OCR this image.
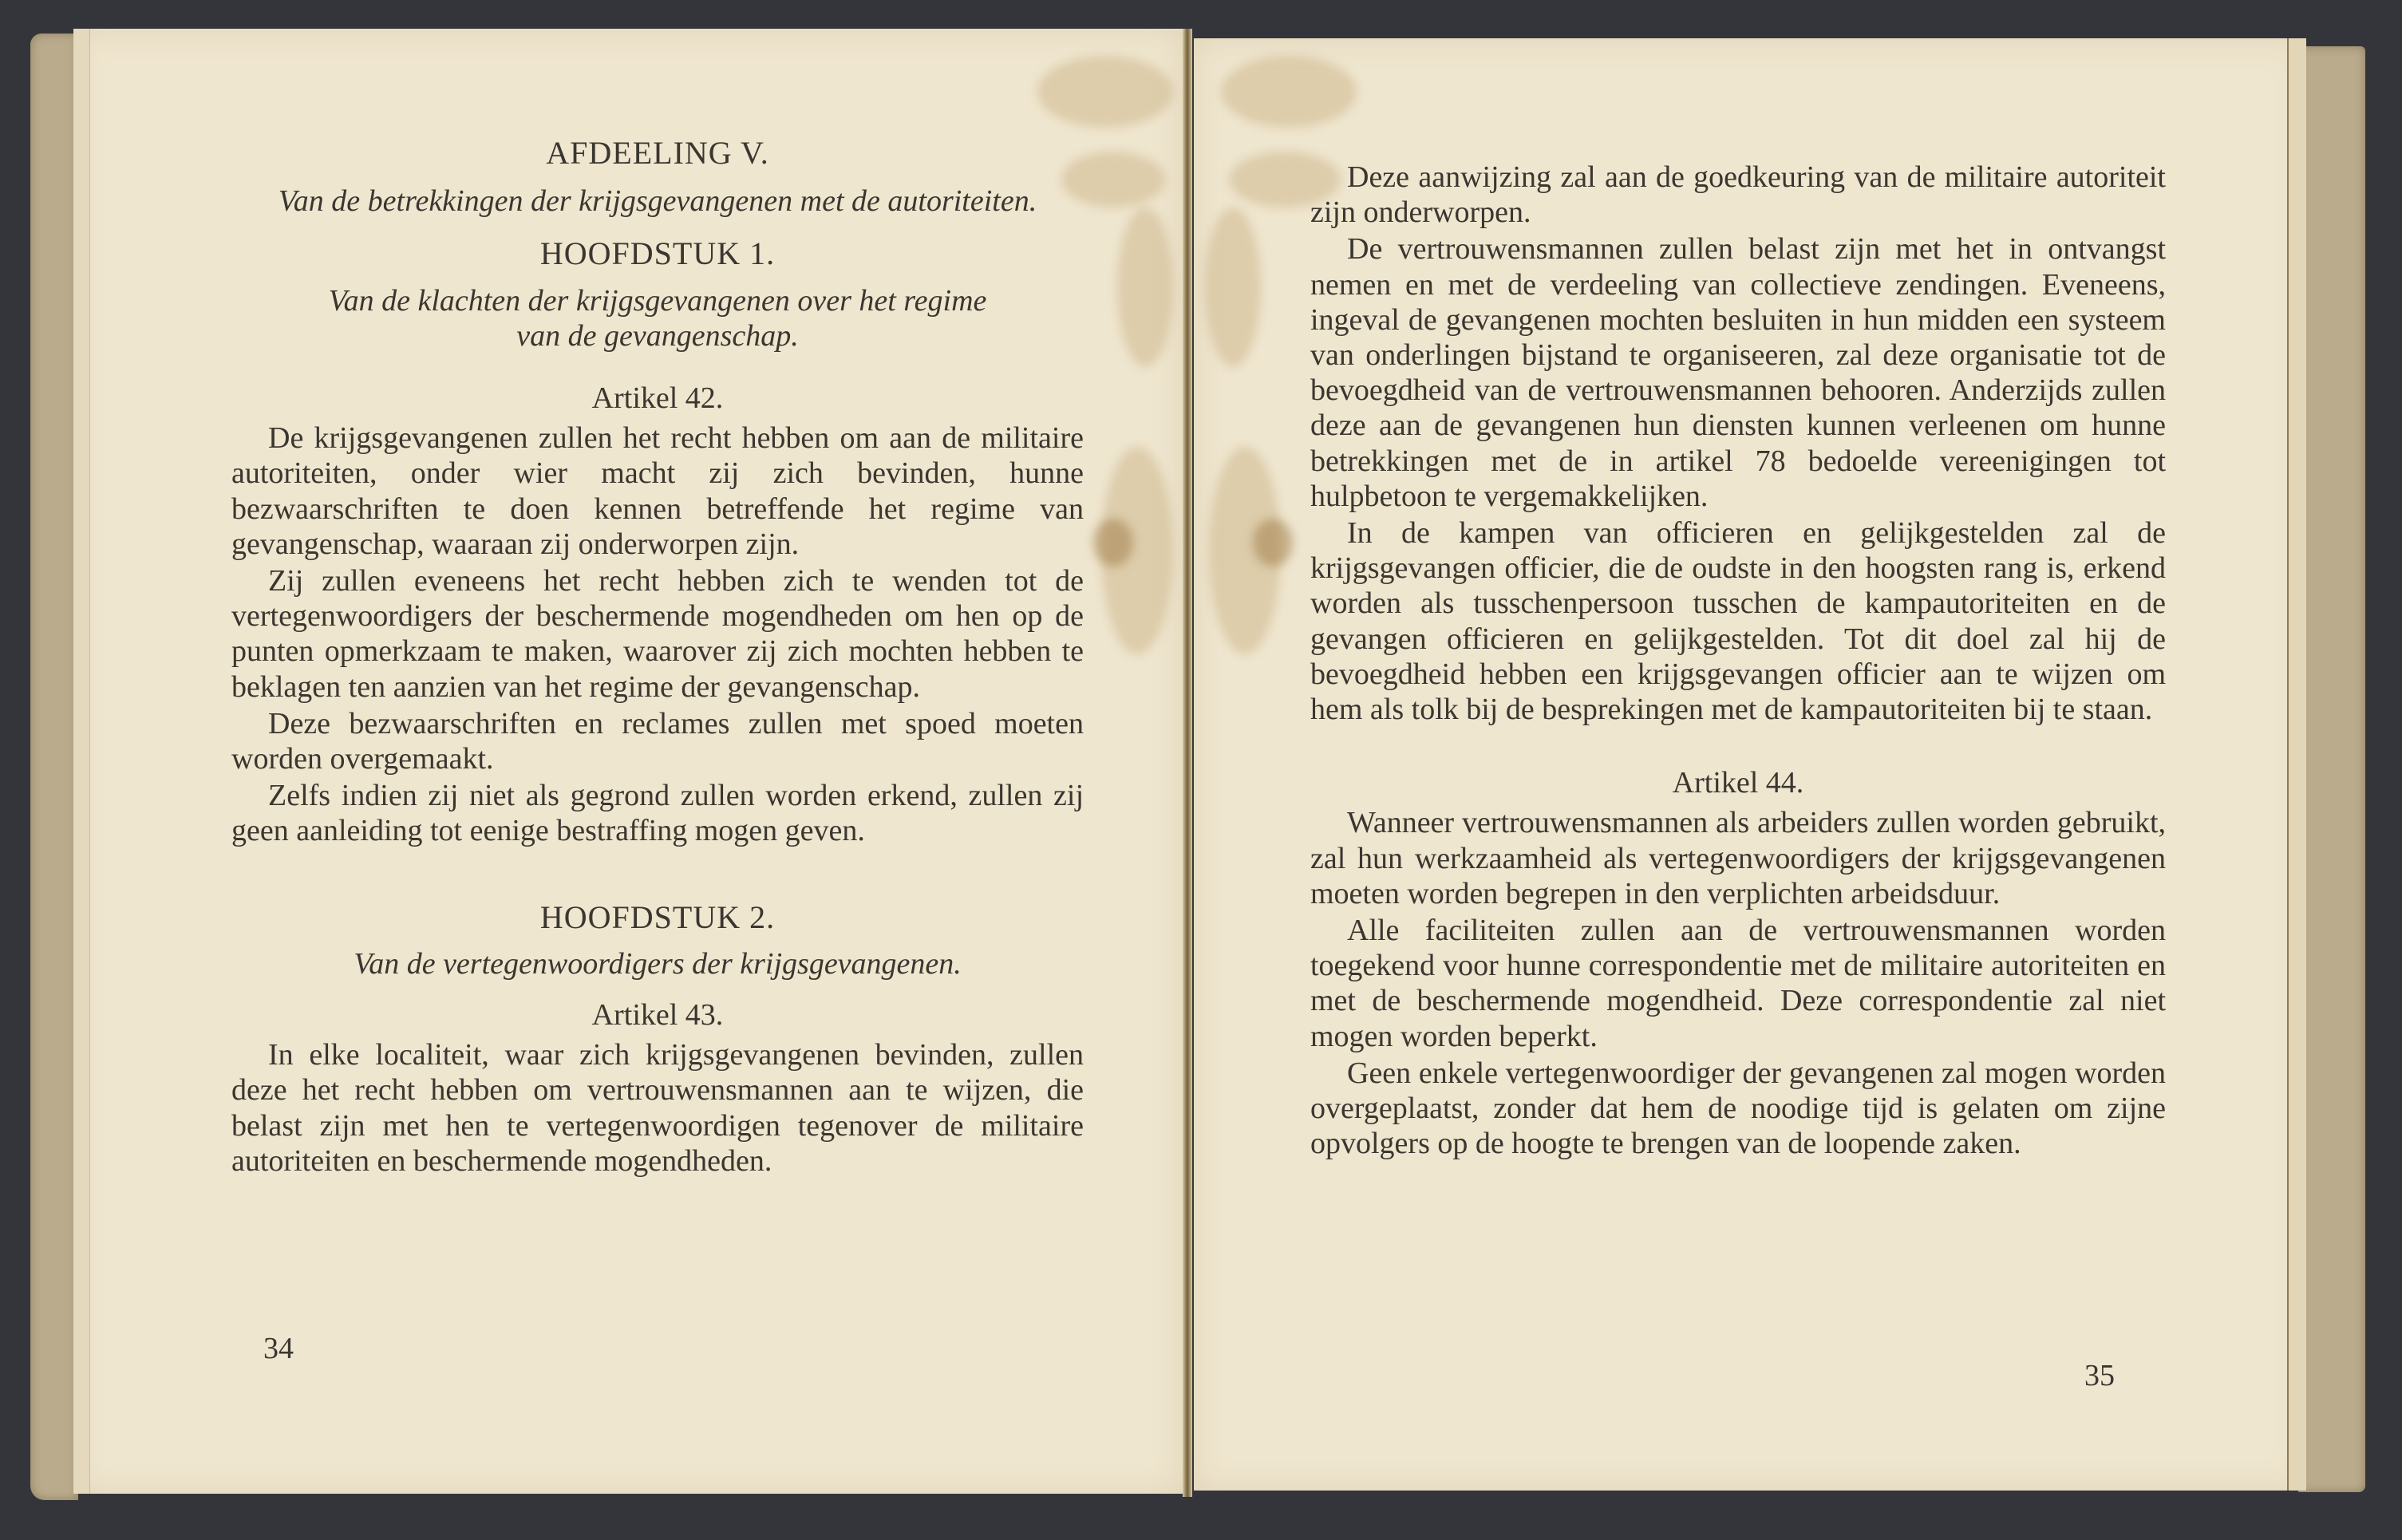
AFDEELING V.
Van de betrekkingen der krijgsgevangenen met de autoriteiten.
HOOFDSTUK 1.
Van de klachten der krijgsgevangenen over het regime
van de gevangenschap.
Artikel 42.

De krijgsgevangenen zullen het recht hebben om aan de militaire autoriteiten, onder wier macht zij zich bevinden, hunne bezwaarschriften te doen kennen betreffende het regime van gevangenschap, waaraan zij onderworpen zijn.

Zij zullen eveneens het recht hebben zich te wenden tot de vertegenwoordigers der beschermende mogendheden om hen op de punten opmerkzaam te maken, waarover zij zich mochten hebben te beklagen ten aanzien van het regime der gevangenschap.

Deze bezwaarschriften en reclames zullen met spoed moeten worden overgemaakt.

Zelfs indien zij niet als gegrond zullen worden erkend, zullen zij geen aanleiding tot eenige bestraffing mogen geven.

HOOFDSTUK 2.
Van de vertegenwoordigers der krijgsgevangenen.
Artikel 43.

In elke localiteit, waar zich krijgsgevangenen bevinden, zullen deze het recht hebben om vertrouwensmannen aan te wijzen, die belast zijn met hen te vertegenwoordigen tegenover de militaire autoriteiten en beschermende mogendheden.

34

Deze aanwijzing zal aan de goedkeuring van de militaire autoriteit zijn onderworpen.

De vertrouwensmannen zullen belast zijn met het in ontvangst nemen en met de verdeeling van collectieve zendingen. Eveneens, ingeval de gevangenen mochten besluiten in hun midden een systeem van onderlingen bijstand te organiseeren, zal deze organisatie tot de bevoegdheid van de vertrouwensmannen behooren. Anderzijds zullen deze aan de gevangenen hun diensten kunnen verleenen om hunne betrekkingen met de in artikel 78 bedoelde vereenigingen tot hulpbetoon te vergemakkelijken.

In de kampen van officieren en gelijkgestelden zal de krijgsgevangen officier, die de oudste in den hoogsten rang is, erkend worden als tusschenpersoon tusschen de kampautoriteiten en de gevangen officieren en gelijkgestelden. Tot dit doel zal hij de bevoegdheid hebben een krijgsgevangen officier aan te wijzen om hem als tolk bij de besprekingen met de kampautoriteiten bij te staan.

Artikel 44.

Wanneer vertrouwensmannen als arbeiders zullen worden gebruikt, zal hun werkzaamheid als vertegenwoordigers der krijgsgevangenen moeten worden begrepen in den verplichten arbeidsduur.

Alle faciliteiten zullen aan de vertrouwensmannen worden toegekend voor hunne correspondentie met de militaire autoriteiten en met de beschermende mogendheid. Deze correspondentie zal niet mogen worden beperkt.

Geen enkele vertegenwoordiger der gevangenen zal mogen worden overgeplaatst, zonder dat hem de noodige tijd is gelaten om zijne opvolgers op de hoogte te brengen van de loopende zaken.

35
